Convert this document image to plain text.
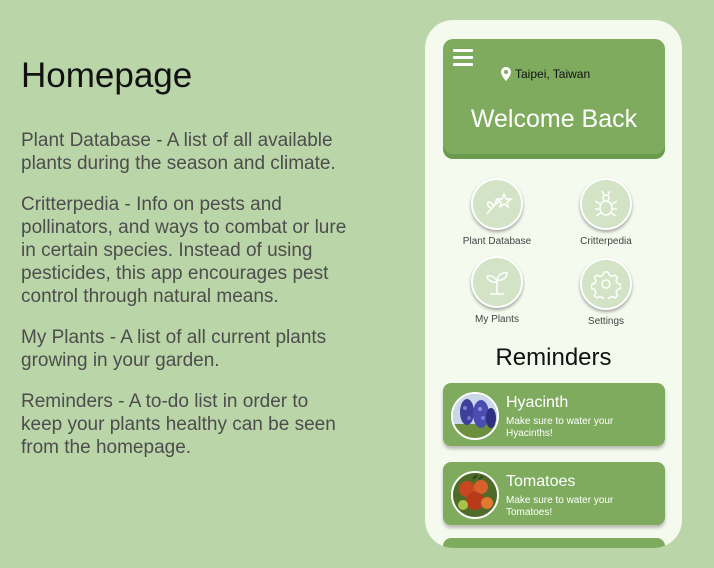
Homepage

Plant Database - A list of all available plants during the season and climate.

Critterpedia - Info on pests and pollinators, and ways to combat or lure in certain species. Instead of using pesticides, this app encourages pest control through natural means.

My Plants - A list of all current plants growing in your garden.

Reminders - A to-do list in order to keep your plants healthy can be seen from the homepage.

Taipei, Taiwan
Welcome Back
Plant Database	Critterpedia
My Plants	Settings
Reminders
Hyacinth
Make sure to water your Hyacinths!
Tomatoes
Make sure to water your Tomatoes!
